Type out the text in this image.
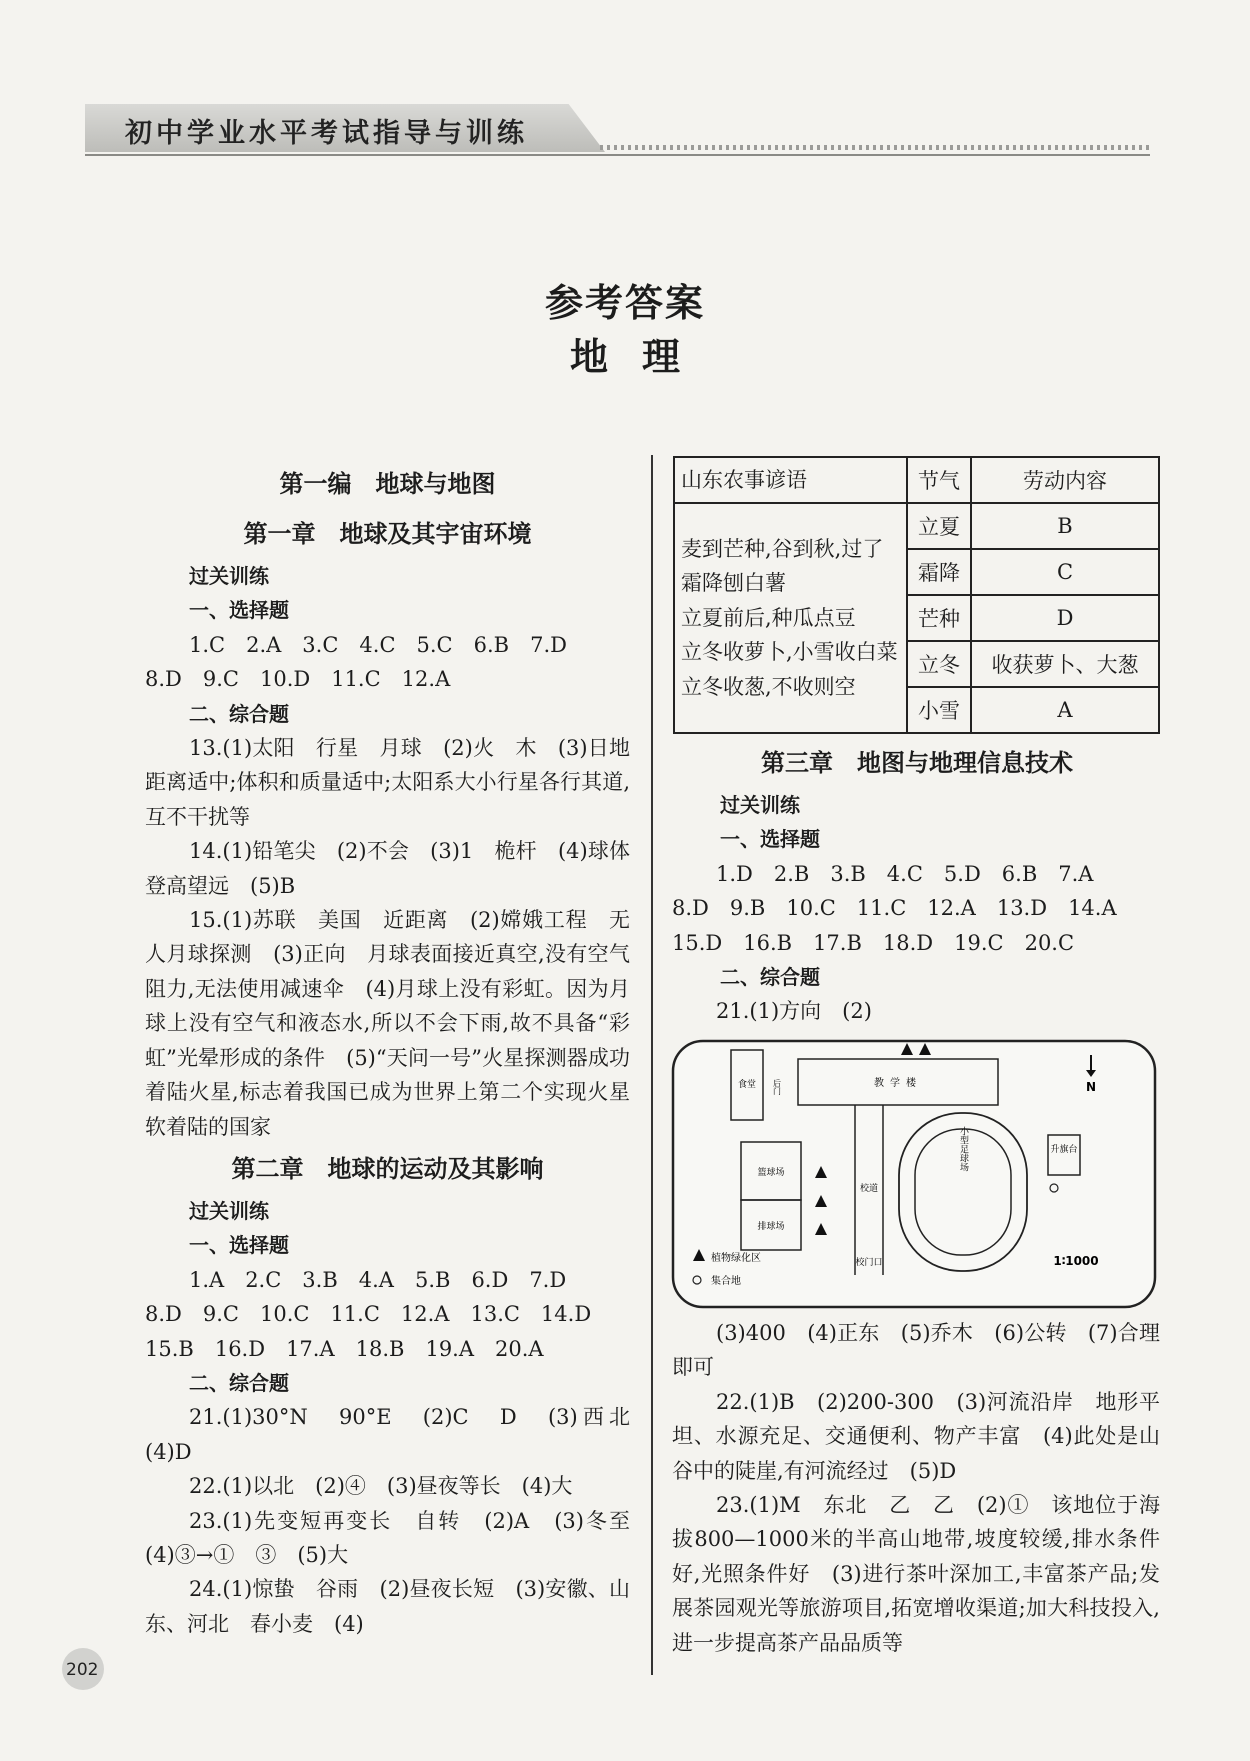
初中学业水平考试指导与训练
参考答案
地理

第一编　地球与地图

第一章　地球及其宇宙环境

过关训练

一、选择题

1.C　2.A　3.C　4.C　5.C　6.B　7.D

8.D　9.C　10.D　11.C　12.A

二、综合题

13.(1)太阳　行星　月球　(2)火　木　(3)日地距离适中;体积和质量适中;太阳系大小行星各行其道,互不干扰等

14.(1)铅笔尖　(2)不会　(3)1　桅杆　(4)球体　登高望远　(5)B

15.(1)苏联　美国　近距离　(2)嫦娥工程　无人月球探测　(3)正向　月球表面接近真空,没有空气阻力,无法使用减速伞　(4)月球上没有彩虹。因为月球上没有空气和液态水,所以不会下雨,故不具备“彩虹”光晕形成的条件　(5)“天问一号”火星探测器成功着陆火星,标志着我国已成为世界上第二个实现火星软着陆的国家

第二章　地球的运动及其影响

过关训练

一、选择题

1.A　2.C　3.B　4.A　5.B　6.D　7.D

8.D　9.C　10.C　11.C　12.A　13.C　14.D

15.B　16.D　17.A　18.B　19.A　20.A

二、综合题

21.(1)30°N　90°E　(2)C　D　(3)西北　(4)D

22.(1)以北　(2)④　(3)昼夜等长　(4)大

23.(1)先变短再变长　自转　(2)A　(3)冬至　(4)③→①　③　(5)大

24.(1)惊蛰　谷雨　(2)昼夜长短　(3)安徽、山东、河北　春小麦　(4)

山东农事谚语	节气	劳动内容

麦到芒种,谷到秋,过了霜降刨白薯
立夏前后,种瓜点豆
立冬收萝卜,小雪收白菜
立冬收葱,不收则空	立夏	B
	霜降	C
	芒种	D
	立冬	收获萝卜、大葱
	小雪	A

第三章　地图与地理信息技术

过关训练

一、选择题

1.D　2.B　3.B　4.C　5.D　6.B　7.A

8.D　9.B　10.C　11.C　12.A　13.D　14.A

15.D　16.B　17.B　18.D　19.C　20.C

二、综合题

21.(1)方向　(2)

食堂 后门	教学楼	N
篮球场
排球场
校道
小型足球场	升旗台
植物绿化区
集合地
校门口	1∶1000

(3)400　(4)正东　(5)乔木　(6)公转　(7)合理即可

22.(1)B　(2)200-300　(3)河流沿岸　地形平坦、水源充足、交通便利、物产丰富　(4)此处是山谷中的陡崖,有河流经过　(5)D

23.(1)M　东北　乙　乙　(2)①　该地位于海拔800—1000米的半高山地带,坡度较缓,排水条件好,光照条件好　(3)进行茶叶深加工,丰富茶产品;发展茶园观光等旅游项目,拓宽增收渠道;加大科技投入,进一步提高茶产品品质等

202
